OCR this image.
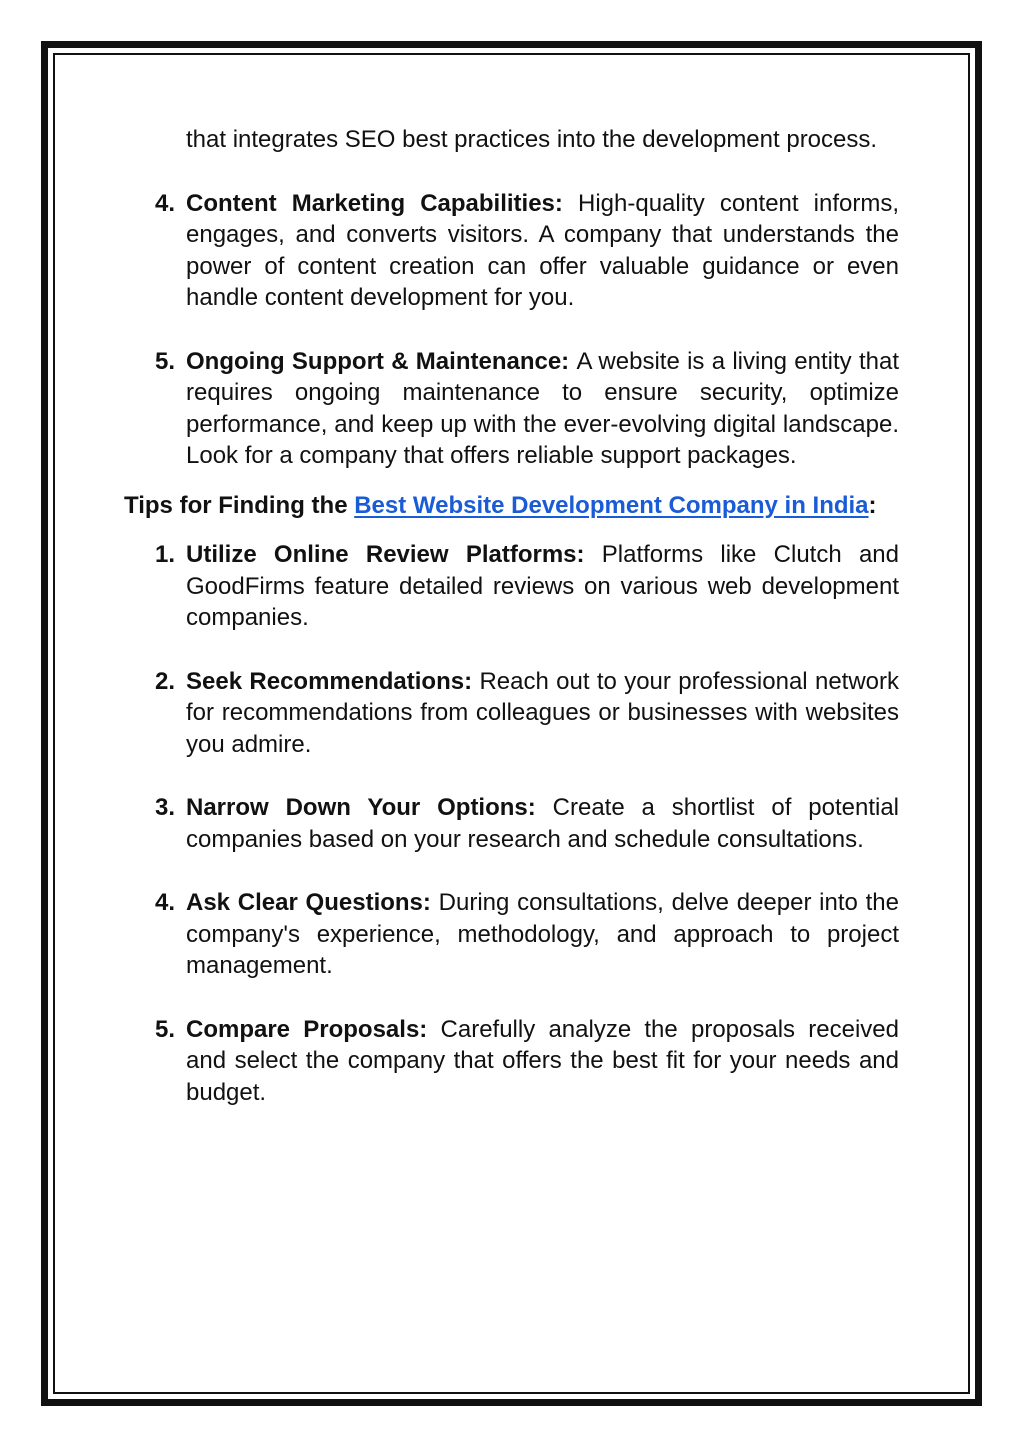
that integrates SEO best practices into the development process.

4. Content Marketing Capabilities: High-quality content informs, engages, and converts visitors. A company that understands the power of content creation can offer valuable guidance or even handle content development for you.
5. Ongoing Support & Maintenance: A website is a living entity that requires ongoing maintenance to ensure security, optimize performance, and keep up with the ever-evolving digital landscape. Look for a company that offers reliable support packages.

Tips for Finding the Best Website Development Company in India:

1. Utilize Online Review Platforms: Platforms like Clutch and GoodFirms feature detailed reviews on various web development companies.
2. Seek Recommendations: Reach out to your professional network for recommendations from colleagues or businesses with websites you admire.
3. Narrow Down Your Options: Create a shortlist of potential companies based on your research and schedule consultations.
4. Ask Clear Questions: During consultations, delve deeper into the company's experience, methodology, and approach to project management.
5. Compare Proposals: Carefully analyze the proposals received and select the company that offers the best fit for your needs and budget.
